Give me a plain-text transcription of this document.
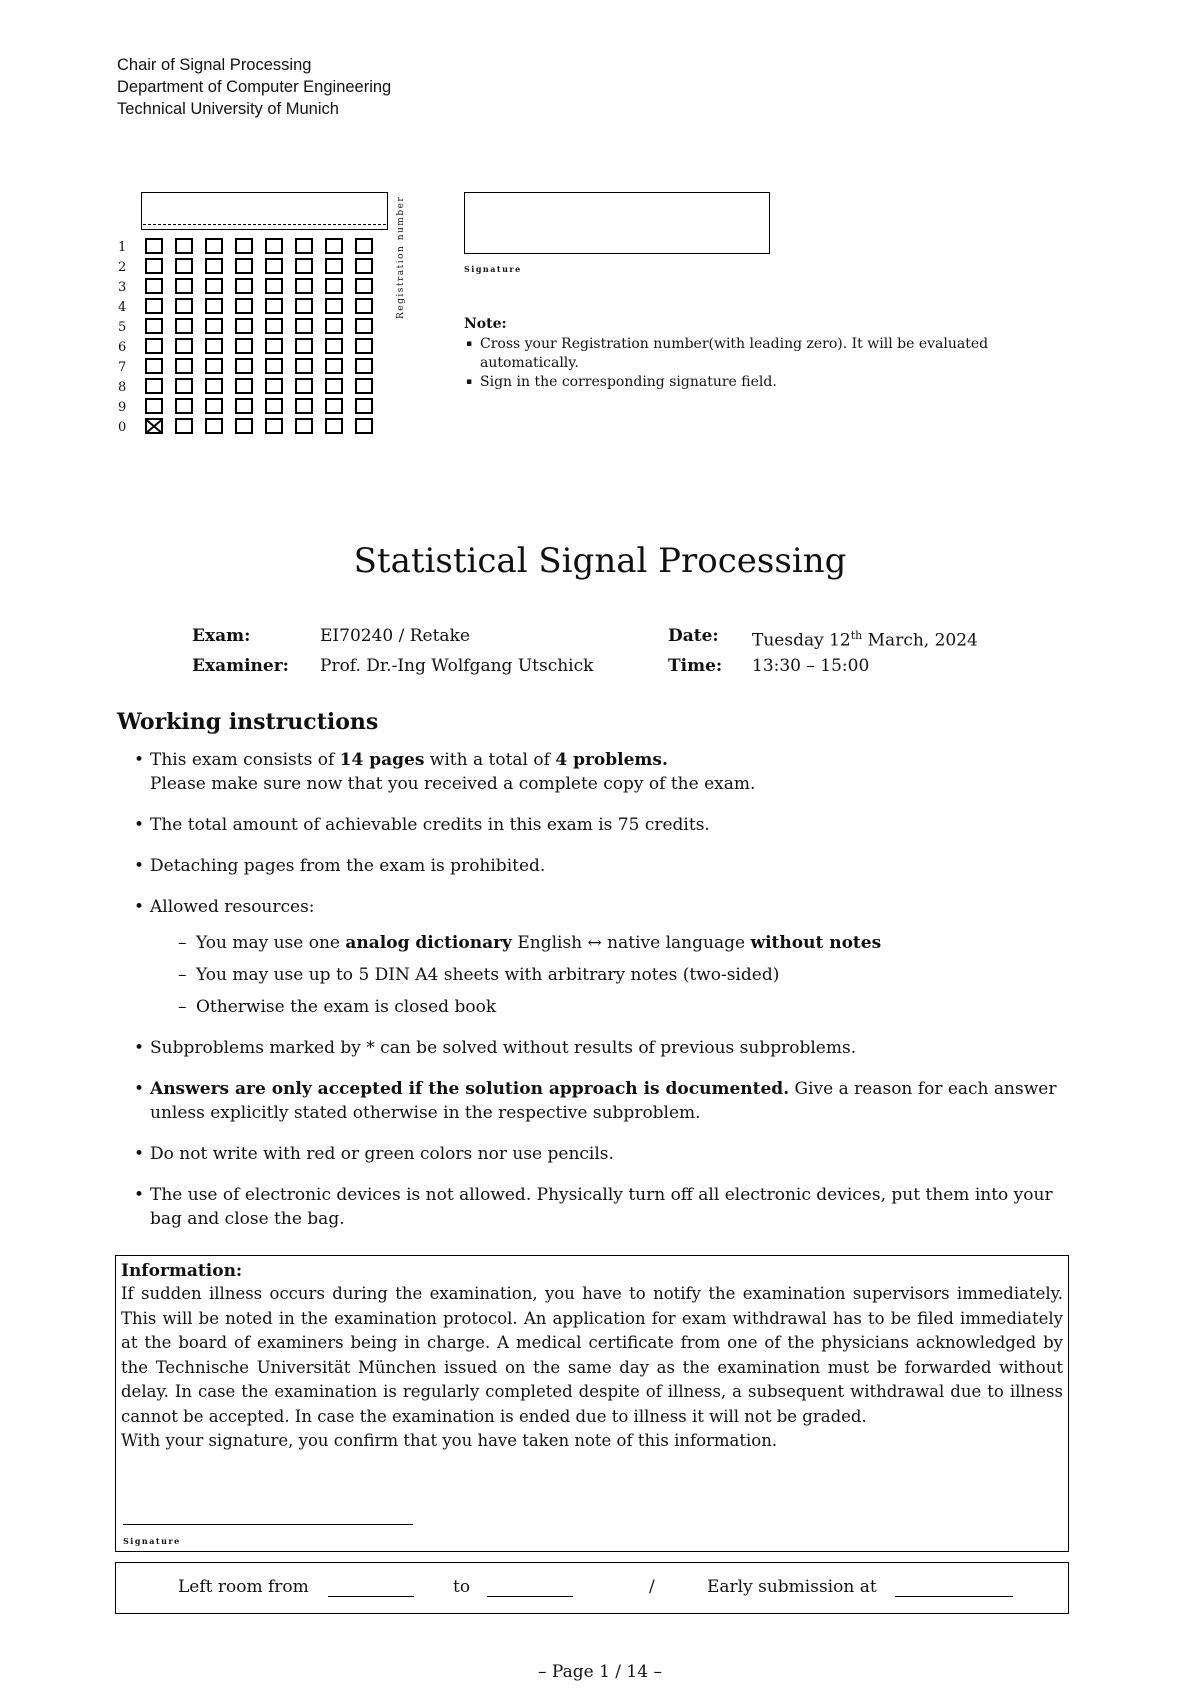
Chair of Signal Processing
Department of Computer Engineering
Technical University of Munich
1
2
3
4
5
6
7
8
9
0
Registration number	Signature
Note:
▪ Cross your Registration number(with leading zero). It will be evaluated automatically.
▪ Sign in the corresponding signature field.
Statistical Signal Processing
Exam:	EI70240 / Retake	Date: Tuesday 12th March, 2024
Examiner: Prof. Dr.-Ing Wolfgang Utschick	Time: 13:30 – 15:00
Working instructions
• This exam consists of 14 pages with a total of 4 problems.
Please make sure now that you received a complete copy of the exam.
• The total amount of achievable credits in this exam is 75 credits.
• Detaching pages from the exam is prohibited.
• Allowed resources:
– You may use one analog dictionary English ↔ native language without notes
– You may use up to 5 DIN A4 sheets with arbitrary notes (two-sided)
– Otherwise the exam is closed book
• Subproblems marked by * can be solved without results of previous subproblems.
• Answers are only accepted if the solution approach is documented. Give a reason for each answer unless explicitly stated otherwise in the respective subproblem.
• Do not write with red or green colors nor use pencils.
• The use of electronic devices is not allowed. Physically turn off all electronic devices, put them into your bag and close the bag.
Information:
If sudden illness occurs during the examination, you have to notify the examination supervisors immediately. This will be noted in the examination protocol. An application for exam withdrawal has to be filed immediately at the board of examiners being in charge. A medical certificate from one of the physicians acknowledged by the Technische Universität München issued on the same day as the examination must be forwarded without delay. In case the examination is regularly completed despite of illness, a subsequent withdrawal due to illness cannot be accepted. In case the examination is ended due to illness it will not be graded.
With your signature, you confirm that you have taken note of this information.
Signature
Left room from	to	/	Early submission at
– Page 1 / 14 –
